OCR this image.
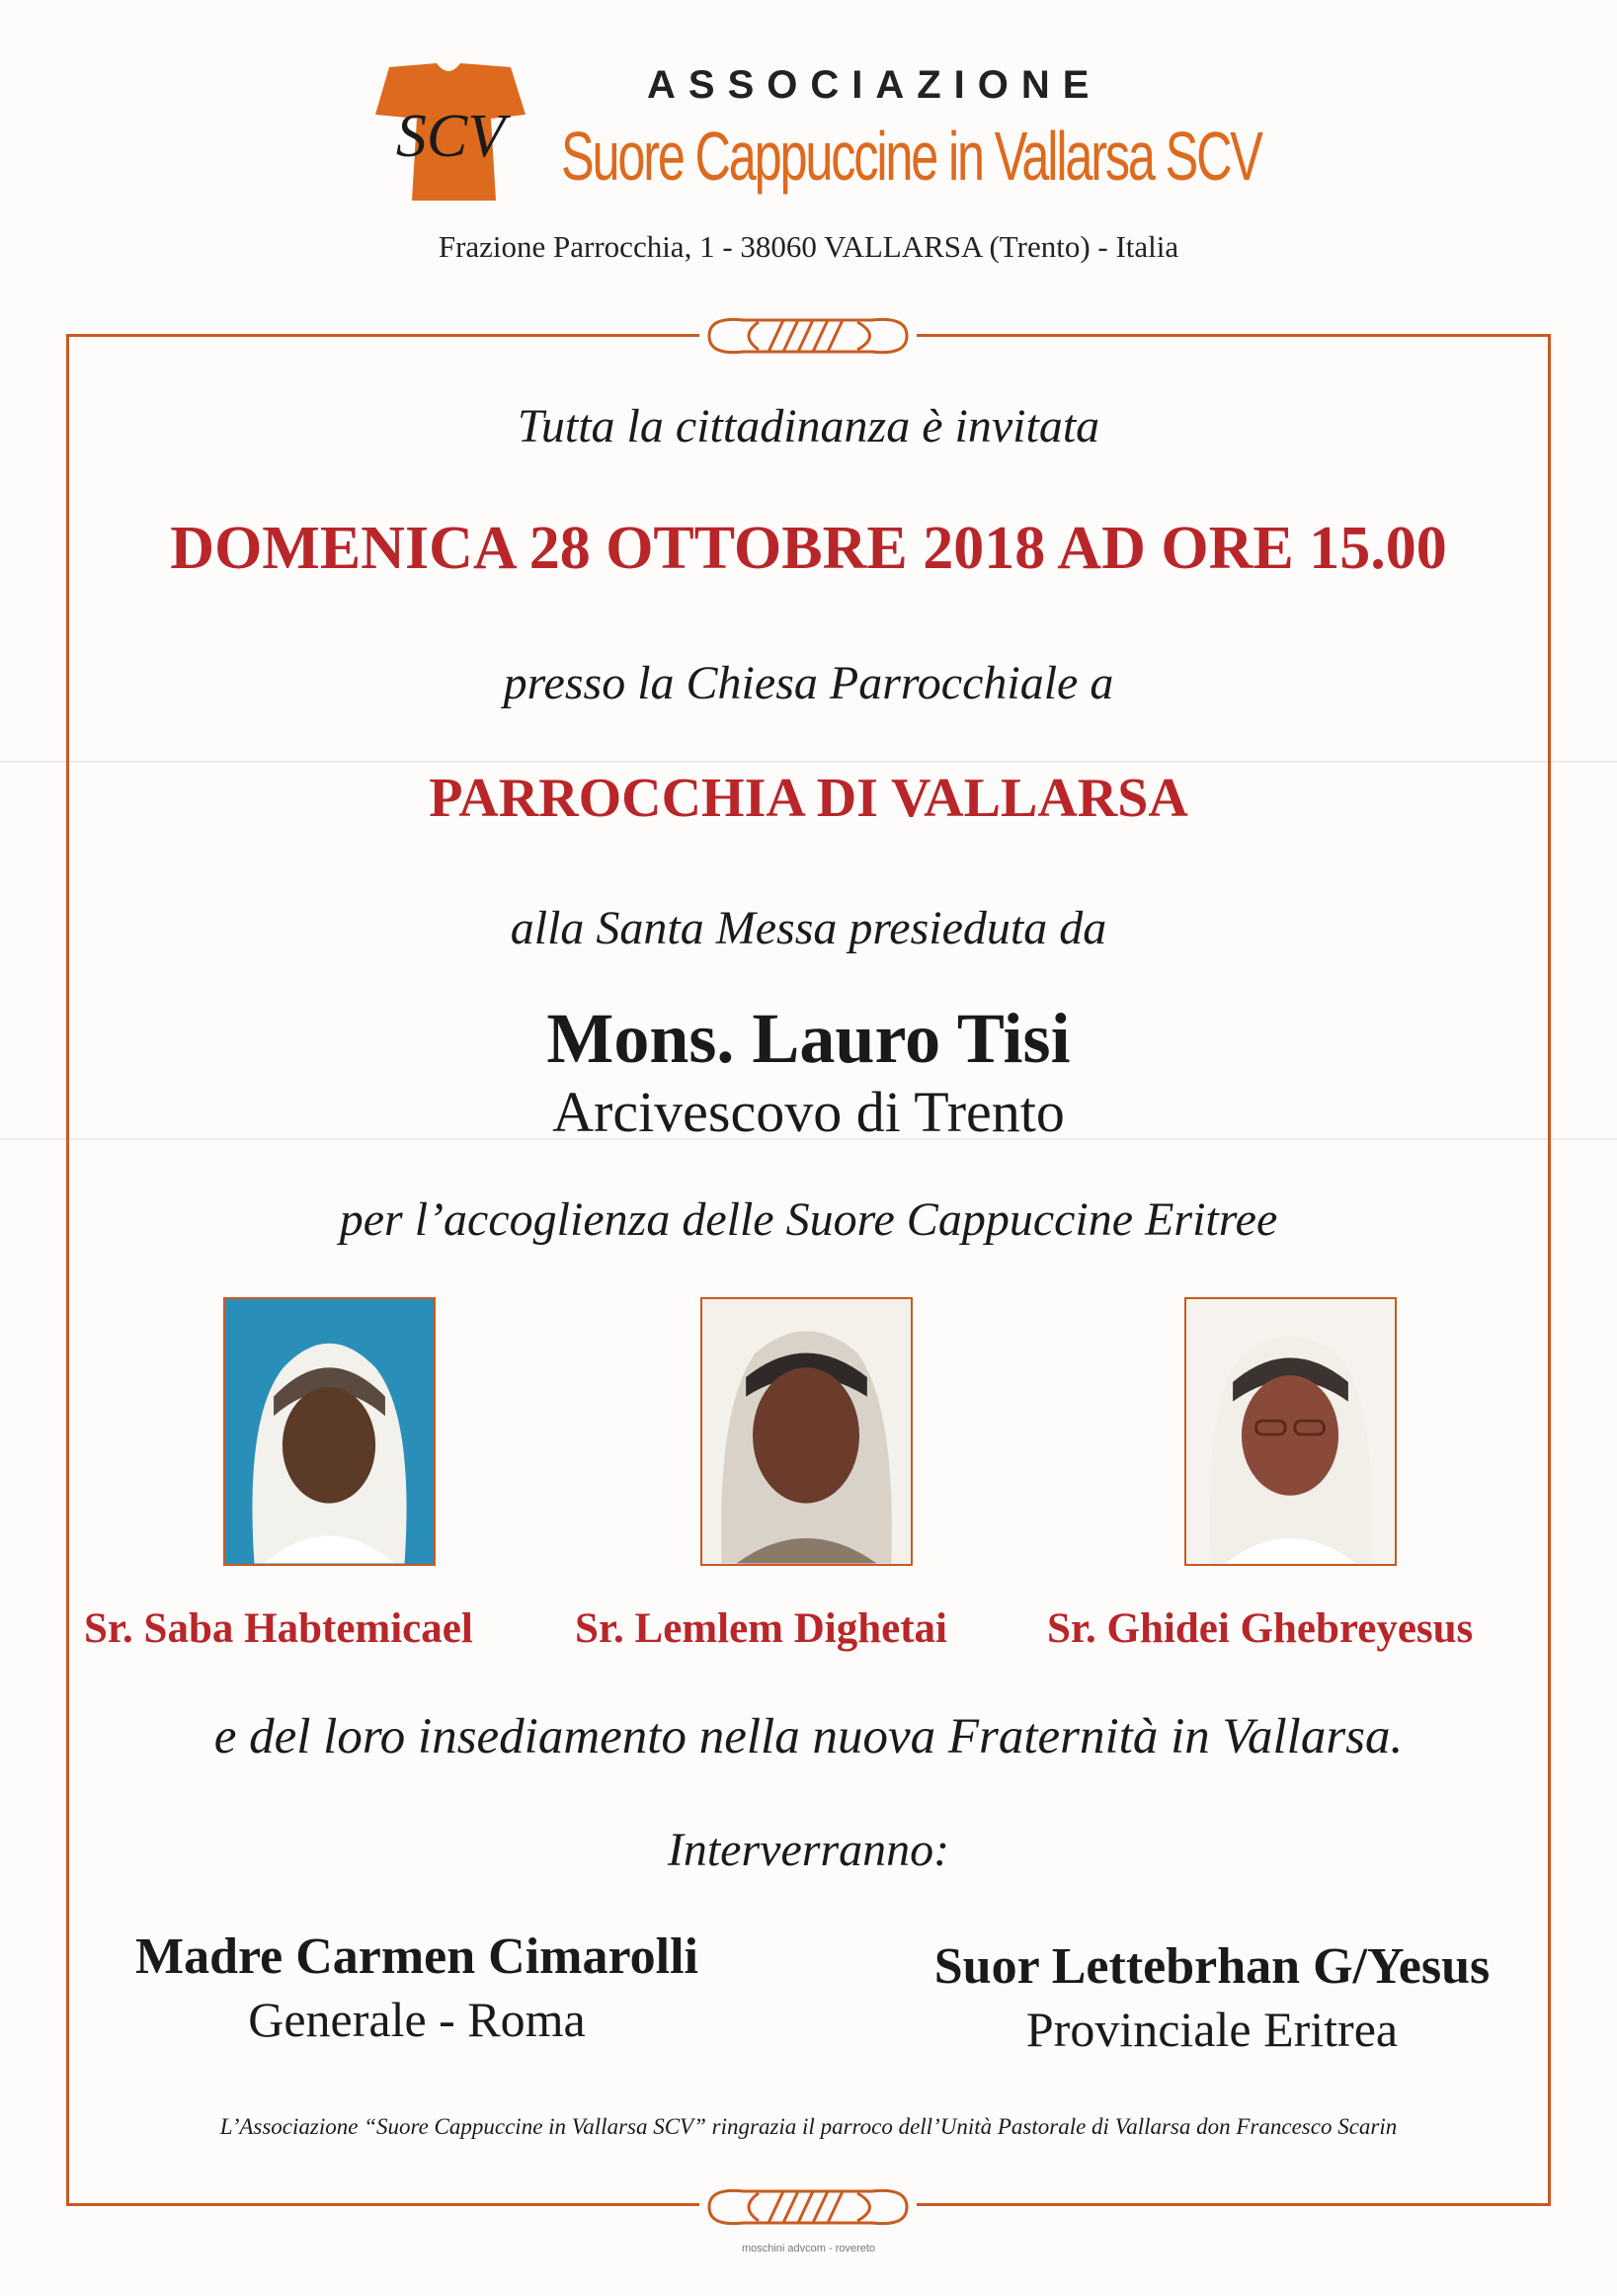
SCV
ASSOCIAZIONE
Suore Cappuccine in Vallarsa SCV
Frazione Parrocchia, 1 - 38060 VALLARSA (Trento) - Italia
Tutta la cittadinanza è invitata
DOMENICA 28 OTTOBRE 2018 AD ORE 15.00
presso la Chiesa Parrocchiale a
PARROCCHIA DI VALLARSA
alla Santa Messa presieduta da
Mons. Lauro Tisi
Arcivescovo di Trento
per l’accoglienza delle Suore Cappuccine Eritree
Sr. Saba Habtemicael Sr. Lemlem Dighetai Sr. Ghidei Ghebreyesus
e del loro insediamento nella nuova Fraternità in Vallarsa.
Interverranno:
Madre Carmen Cimarolli
Generale - Roma
Suor Lettebrhan G/Yesus
Provinciale Eritrea
L’Associazione “Suore Cappuccine in Vallarsa SCV” ringrazia il parroco dell’Unità Pastorale di Vallarsa don Francesco Scarin
moschini advcom - rovereto
